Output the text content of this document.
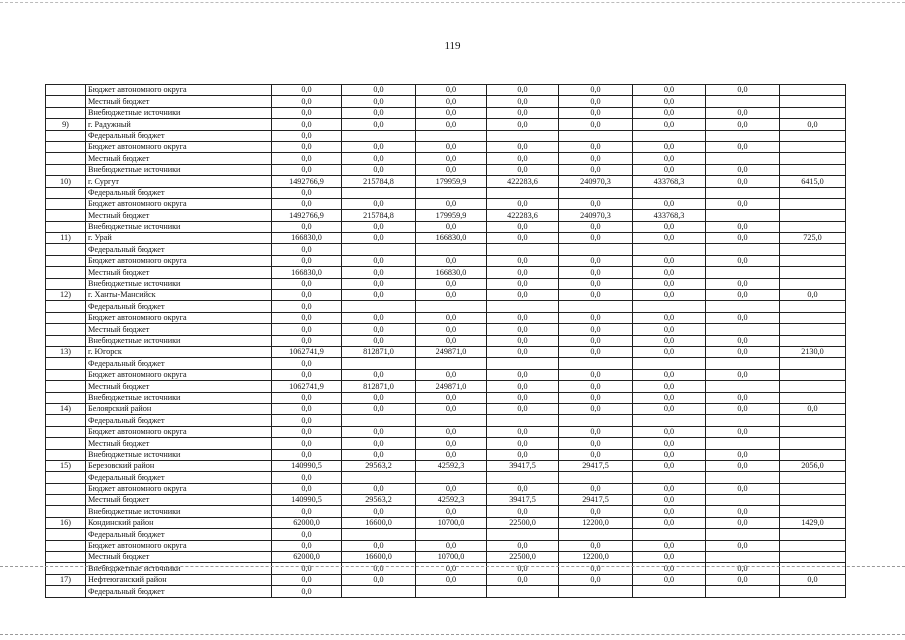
119
	Бюджет автономного округа	0,0	0,0	0,0	0,0	0,0	0,0	0,0	
	Местный бюджет	0,0	0,0	0,0	0,0	0,0	0,0		
	Внебюджетные источники	0,0	0,0	0,0	0,0	0,0	0,0	0,0	
9)	г. Радужный	0,0	0,0	0,0	0,0	0,0	0,0	0,0	0,0
	Федеральный бюджет	0,0							
	Бюджет автономного округа	0,0	0,0	0,0	0,0	0,0	0,0	0,0	
	Местный бюджет	0,0	0,0	0,0	0,0	0,0	0,0		
	Внебюджетные источники	0,0	0,0	0,0	0,0	0,0	0,0	0,0	
10)	г. Сургут	1492766,9	215784,8	179959,9	422283,6	240970,3	433768,3	0,0	6415,0
	Федеральный бюджет	0,0							
	Бюджет автономного округа	0,0	0,0	0,0	0,0	0,0	0,0	0,0	
	Местный бюджет	1492766,9	215784,8	179959,9	422283,6	240970,3	433768,3		
	Внебюджетные источники	0,0	0,0	0,0	0,0	0,0	0,0	0,0	
11)	г. Урай	166830,0	0,0	166830,0	0,0	0,0	0,0	0,0	725,0
	Федеральный бюджет	0,0							
	Бюджет автономного округа	0,0	0,0	0,0	0,0	0,0	0,0	0,0	
	Местный бюджет	166830,0	0,0	166830,0	0,0	0,0	0,0		
	Внебюджетные источники	0,0	0,0	0,0	0,0	0,0	0,0	0,0	
12)	г. Ханты-Мансийск	0,0	0,0	0,0	0,0	0,0	0,0	0,0	0,0
	Федеральный бюджет	0,0							
	Бюджет автономного округа	0,0	0,0	0,0	0,0	0,0	0,0	0,0	
	Местный бюджет	0,0	0,0	0,0	0,0	0,0	0,0		
	Внебюджетные источники	0,0	0,0	0,0	0,0	0,0	0,0	0,0	
13)	г. Югорск	1062741,9	812871,0	249871,0	0,0	0,0	0,0	0,0	2130,0
	Федеральный бюджет	0,0							
	Бюджет автономного округа	0,0	0,0	0,0	0,0	0,0	0,0	0,0	
	Местный бюджет	1062741,9	812871,0	249871,0	0,0	0,0	0,0		
	Внебюджетные источники	0,0	0,0	0,0	0,0	0,0	0,0	0,0	
14)	Белоярский район	0,0	0,0	0,0	0,0	0,0	0,0	0,0	0,0
	Федеральный бюджет	0,0							
	Бюджет автономного округа	0,0	0,0	0,0	0,0	0,0	0,0	0,0	
	Местный бюджет	0,0	0,0	0,0	0,0	0,0	0,0		
	Внебюджетные источники	0,0	0,0	0,0	0,0	0,0	0,0	0,0	
15)	Березовский район	140990,5	29563,2	42592,3	39417,5	29417,5	0,0	0,0	2056,0
	Федеральный бюджет	0,0							
	Бюджет автономного округа	0,0	0,0	0,0	0,0	0,0	0,0	0,0	
	Местный бюджет	140990,5	29563,2	42592,3	39417,5	29417,5	0,0		
	Внебюджетные источники	0,0	0,0	0,0	0,0	0,0	0,0	0,0	
16)	Кондинский район	62000,0	16600,0	10700,0	22500,0	12200,0	0,0	0,0	1429,0
	Федеральный бюджет	0,0							
	Бюджет автономного округа	0,0	0,0	0,0	0,0	0,0	0,0	0,0	
	Местный бюджет	62000,0	16600,0	10700,0	22500,0	12200,0	0,0		
	Внебюджетные источники	0,0	0,0	0,0	0,0	0,0	0,0	0,0	
17)	Нефтеюганский район	0,0	0,0	0,0	0,0	0,0	0,0	0,0	0,0
	Федеральный бюджет	0,0							
